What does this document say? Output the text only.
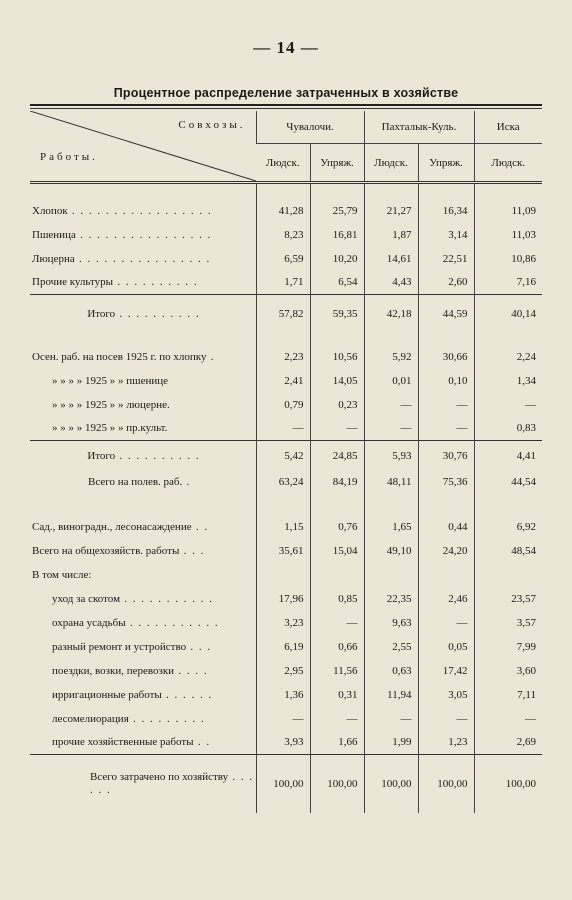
— 14 —
Процентное распределение затраченных в хозяйстве
Совхозы.
Работы.	Чувалочи.		Пахталык-Куль.		Иска
	Людск.	Упряж.	Людск.	Упряж.	Людск.

Хлопок . . . . . . . . . . . . . . . . .	41,28	25,79	21,27	16,34	11,09
Пшеница . . . . . . . . . . . . . . . .	8,23	16,81	1,87	3,14	11,03
Люцерна . . . . . . . . . . . . . . . .	6,59	10,20	14,61	22,51	10,86
Прочие культуры . . . . . . . . . .	1,71	6,54	4,43	2,60	7,16
Итого . . . . . . . . . .	57,82	59,35	42,18	44,59	40,14

Осен. раб. на посев 1925 г. по хлопку .	2,23	10,56	5,92	30,66	2,24
» » » » 1925 » » пшенице	2,41	14,05	0,01	0,10	1,34
» » » » 1925 » » люцерне.	0,79	0,23	—	—	—
» » » » 1925 » » пр.культ.	—	—	—	—	0,83
Итого . . . . . . . . . .	5,42	24,85	5,93	30,76	4,41
Всего на полев. раб. .	63,24	84,19	48,11	75,36	44,54

Сад., виноградн., лесонасаждение . .	1,15	0,76	1,65	0,44	6,92
Всего на общехозяйств. работы . . .	35,61	15,04	49,10	24,20	48,54
В том числе:					
уход за скотом . . . . . . . . . . .	17,96	0,85	22,35	2,46	23,57
охрана усадьбы . . . . . . . . . . .	3,23	—	9,63	—	3,57
разный ремонт и устройство . . .	6,19	0,66	2,55	0,05	7,99
поездки, возки, перевозки . . . .	2,95	11,56	0,63	17,42	3,60
ирригационные работы . . . . . .	1,36	0,31	11,94	3,05	7,11
лесомелиорация . . . . . . . . .	—	—	—	—	—
прочие хозяйственные работы . .	3,93	1,66	1,99	1,23	2,69
Всего затрачено по хозяйству . . . . . .	100,00	100,00	100,00	100,00	100,00
